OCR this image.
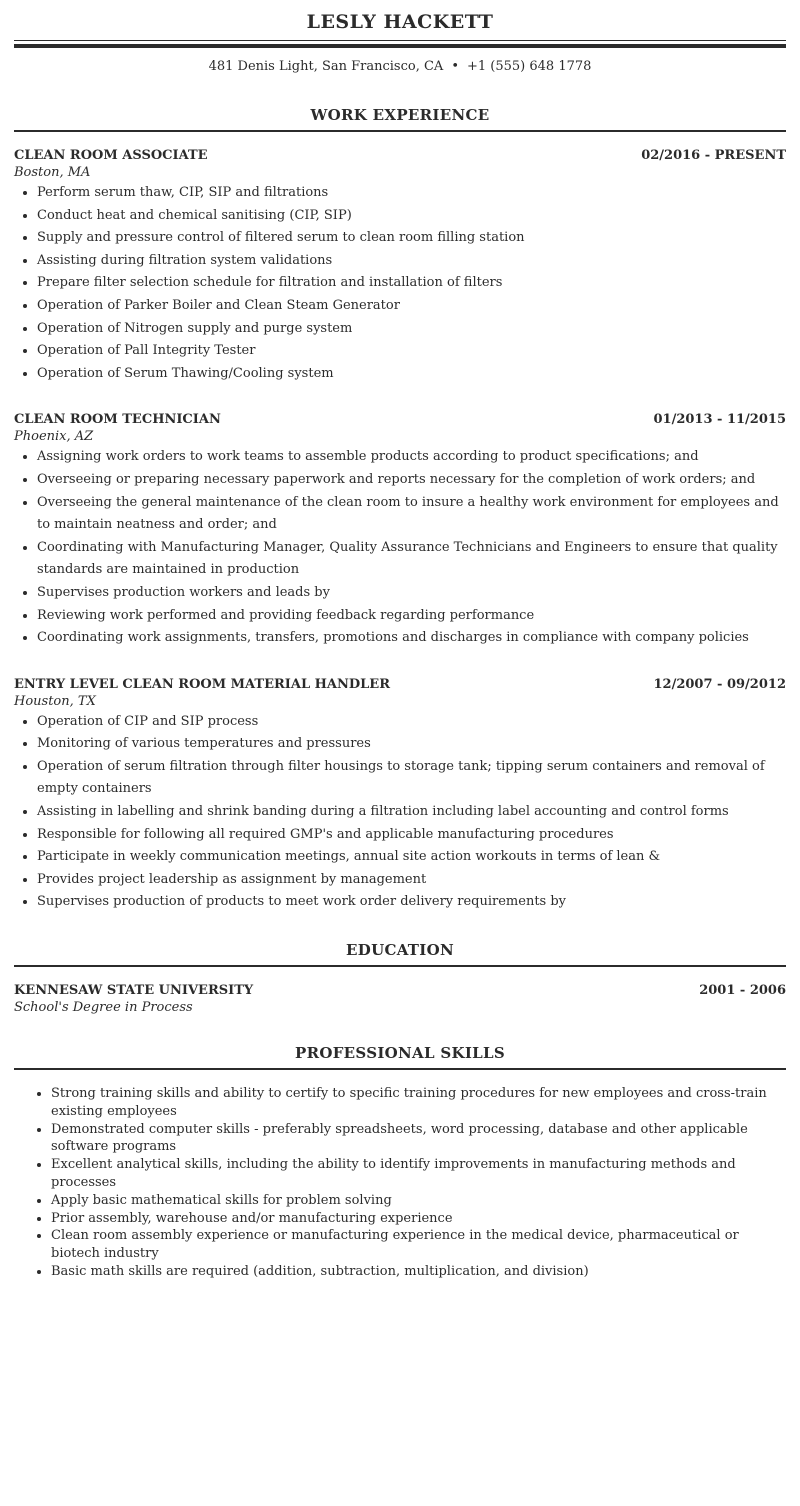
LESLY HACKETT
481 Denis Light, San Francisco, CA • +1 (555) 648 1778
WORK EXPERIENCE
CLEAN ROOM ASSOCIATE	02/2016 - PRESENT
Boston, MA
• Perform serum thaw, CIP, SIP and filtrations
• Conduct heat and chemical sanitising (CIP, SIP)
• Supply and pressure control of filtered serum to clean room filling station
• Assisting during filtration system validations
• Prepare filter selection schedule for filtration and installation of filters
• Operation of Parker Boiler and Clean Steam Generator
• Operation of Nitrogen supply and purge system
• Operation of Pall Integrity Tester
• Operation of Serum Thawing/Cooling system
CLEAN ROOM TECHNICIAN	01/2013 - 11/2015
Phoenix, AZ
• Assigning work orders to work teams to assemble products according to product specifications; and
• Overseeing or preparing necessary paperwork and reports necessary for the completion of work orders; and
• Overseeing the general maintenance of the clean room to insure a healthy work environment for employees and to maintain neatness and order; and
• Coordinating with Manufacturing Manager, Quality Assurance Technicians and Engineers to ensure that quality standards are maintained in production
• Supervises production workers and leads by
• Reviewing work performed and providing feedback regarding performance
• Coordinating work assignments, transfers, promotions and discharges in compliance with company policies
ENTRY LEVEL CLEAN ROOM MATERIAL HANDLER	12/2007 - 09/2012
Houston, TX
• Operation of CIP and SIP process
• Monitoring of various temperatures and pressures
• Operation of serum filtration through filter housings to storage tank; tipping serum containers and removal of empty containers
• Assisting in labelling and shrink banding during a filtration including label accounting and control forms
• Responsible for following all required GMP's and applicable manufacturing procedures
• Participate in weekly communication meetings, annual site action workouts in terms of lean &
• Provides project leadership as assignment by management
• Supervises production of products to meet work order delivery requirements by
EDUCATION
KENNESAW STATE UNIVERSITY	2001 - 2006
School's Degree in Process
PROFESSIONAL SKILLS
• Strong training skills and ability to certify to specific training procedures for new employees and cross-train existing employees
• Demonstrated computer skills - preferably spreadsheets, word processing, database and other applicable software programs
• Excellent analytical skills, including the ability to identify improvements in manufacturing methods and processes
• Apply basic mathematical skills for problem solving
• Prior assembly, warehouse and/or manufacturing experience
• Clean room assembly experience or manufacturing experience in the medical device, pharmaceutical or biotech industry
• Basic math skills are required (addition, subtraction, multiplication, and division)
